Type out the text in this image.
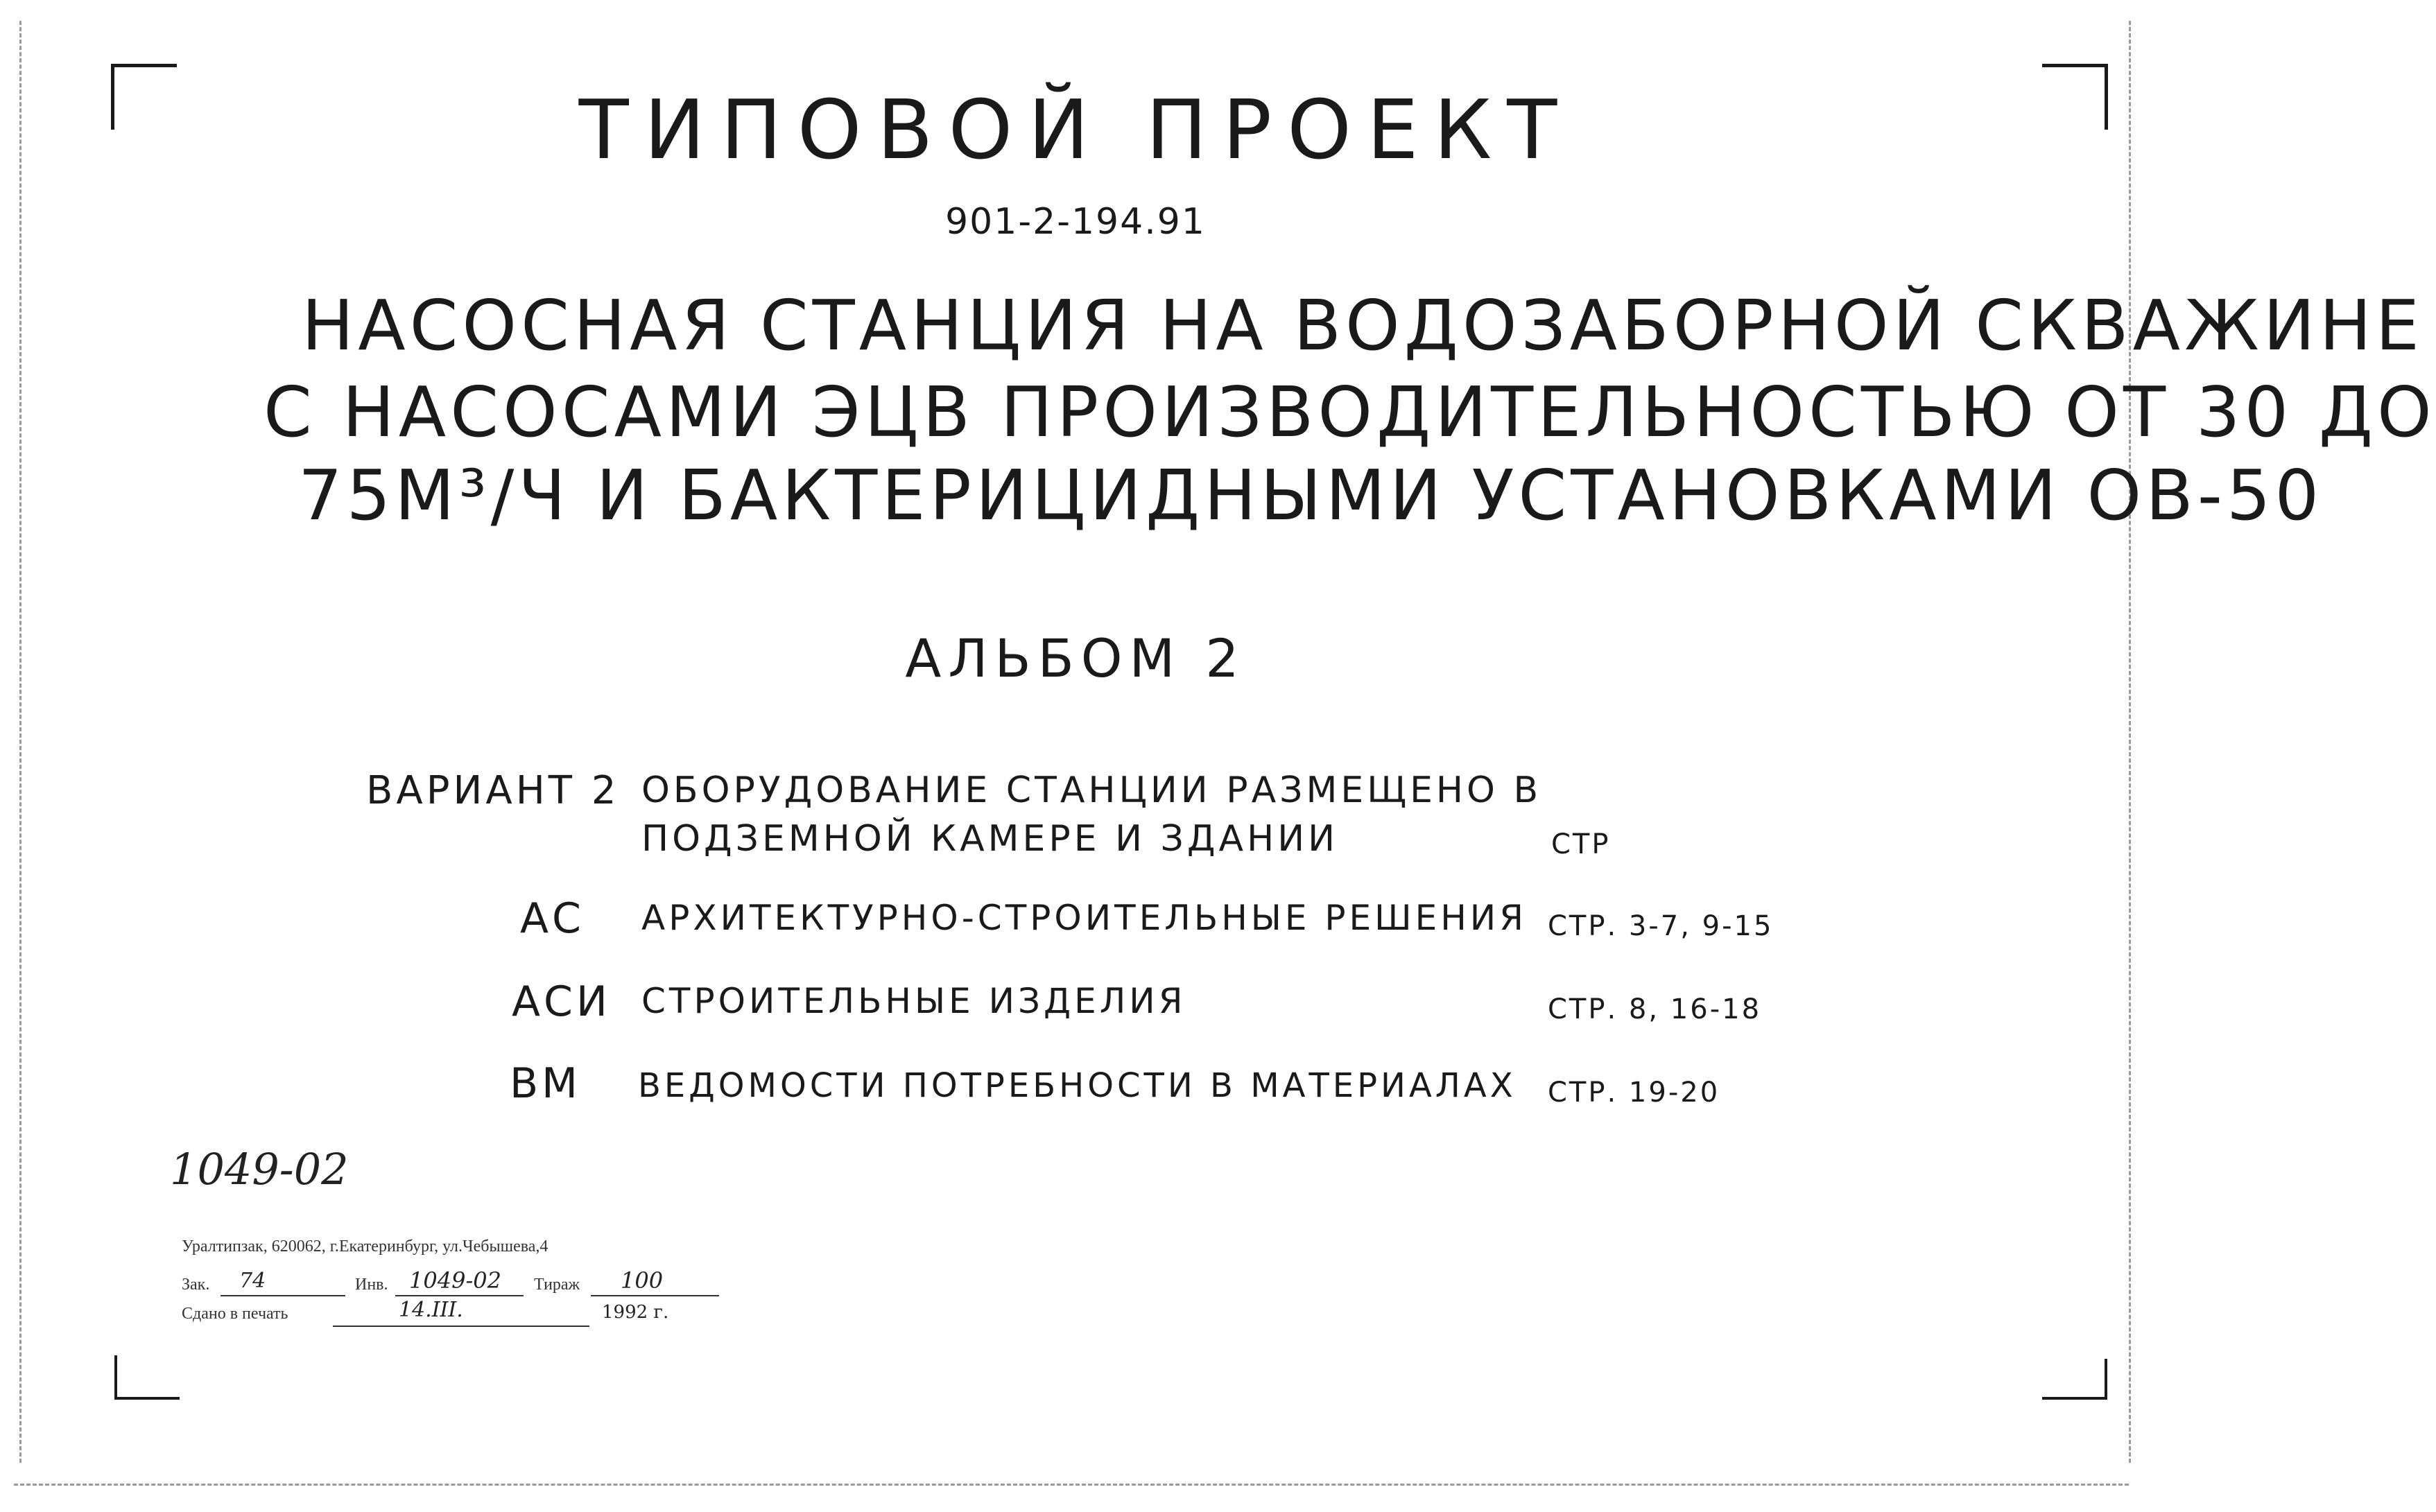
ТИПОВОЙ ПРОЕКТ
901-2-194.91
НАСОСНАЯ СТАНЦИЯ НА ВОДОЗАБОРНОЙ СКВАЖИНЕ
С НАСОСАМИ ЭЦВ ПРОИЗВОДИТЕЛЬНОСТЬЮ ОТ 30 ДО
75М³/Ч И БАКТЕРИЦИДНЫМИ УСТАНОВКАМИ ОВ-50
АЛЬБОМ 2
ВАРИАНТ 2 ОБОРУДОВАНИЕ СТАНЦИИ РАЗМЕЩЕНО В
ПОДЗЕМНОЙ КАМЕРЕ И ЗДАНИИ	СТР
АС АРХИТЕКТУРНО-СТРОИТЕЛЬНЫЕ РЕШЕНИЯ СТР. 3-7, 9-15
АСИ СТРОИТЕЛЬНЫЕ ИЗДЕЛИЯ	СТР. 8, 16-18
ВМ ВЕДОМОСТИ ПОТРЕБНОСТИ В МАТЕРИАЛАХ СТР. 19-20
1049-02
Уралтипзак, 620062, г.Екатеринбург, ул.Чебышева,4
Зак. 74	Инв. 1049-02 Тираж 100
Сдано в печать	14.III.	1992 г.
